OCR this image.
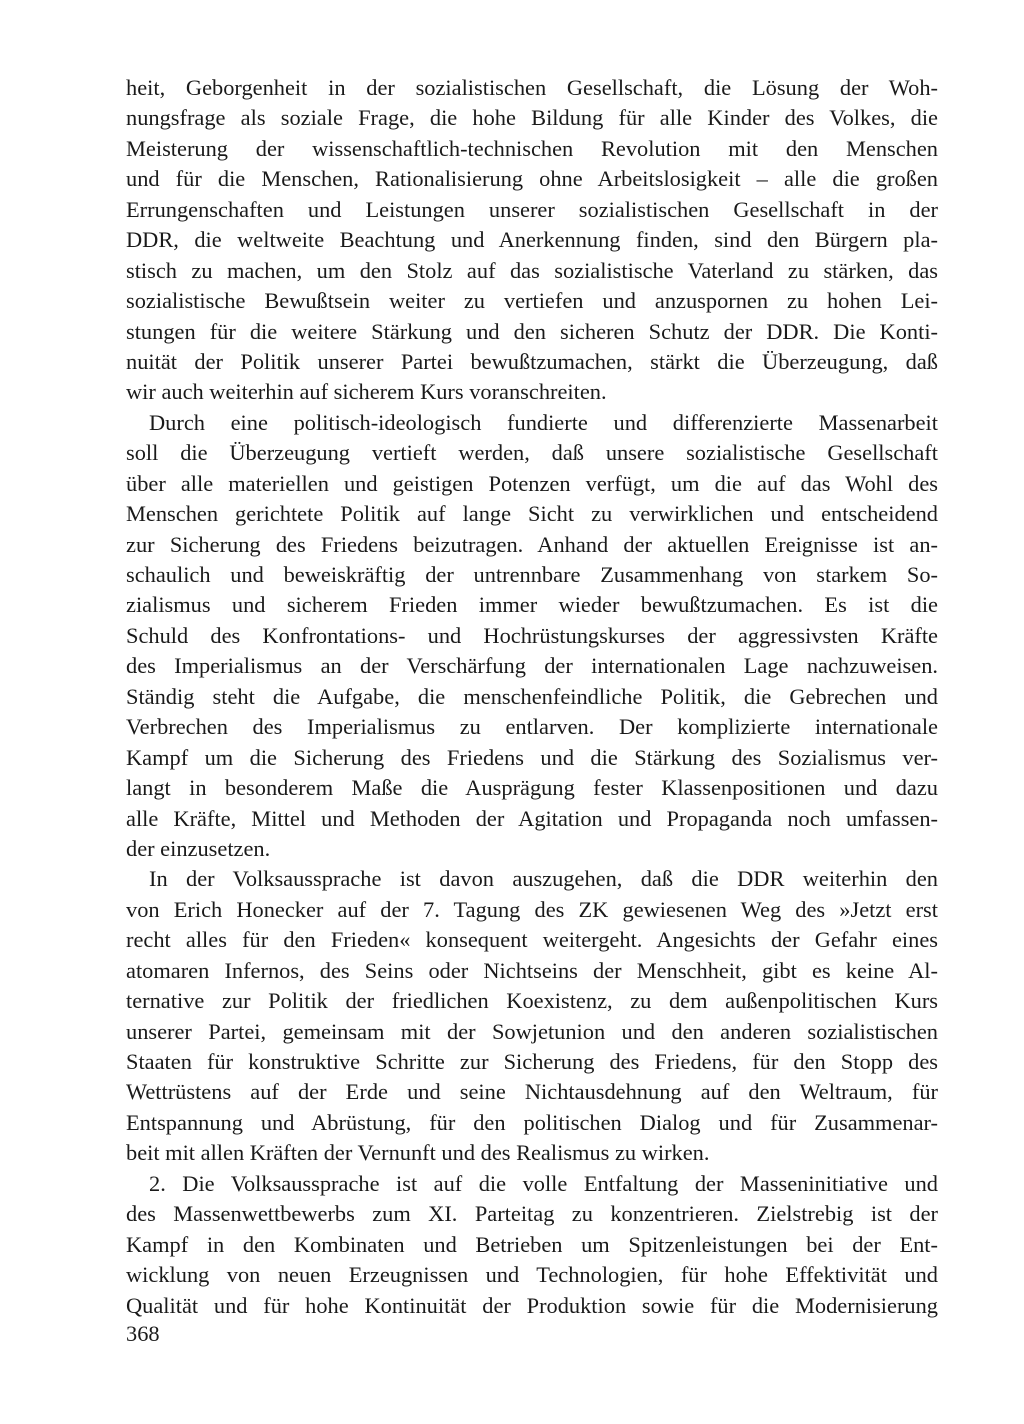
heit, Geborgenheit in der sozialistischen Gesellschaft, die Lösung der Woh-
nungsfrage als soziale Frage, die hohe Bildung für alle Kinder des Volkes, die
Meisterung der wissenschaftlich-technischen Revolution mit den Menschen
und für die Menschen, Rationalisierung ohne Arbeitslosigkeit – alle die großen
Errungenschaften und Leistungen unserer sozialistischen Gesellschaft in der
DDR, die weltweite Beachtung und Anerkennung finden, sind den Bürgern pla-
stisch zu machen, um den Stolz auf das sozialistische Vaterland zu stärken, das
sozialistische Bewußtsein weiter zu vertiefen und anzuspornen zu hohen Lei-
stungen für die weitere Stärkung und den sicheren Schutz der DDR. Die Konti-
nuität der Politik unserer Partei bewußtzumachen, stärkt die Überzeugung, daß
wir auch weiterhin auf sicherem Kurs voranschreiten.
Durch eine politisch-ideologisch fundierte und differenzierte Massenarbeit
soll die Überzeugung vertieft werden, daß unsere sozialistische Gesellschaft
über alle materiellen und geistigen Potenzen verfügt, um die auf das Wohl des
Menschen gerichtete Politik auf lange Sicht zu verwirklichen und entscheidend
zur Sicherung des Friedens beizutragen. Anhand der aktuellen Ereignisse ist an-
schaulich und beweiskräftig der untrennbare Zusammenhang von starkem So-
zialismus und sicherem Frieden immer wieder bewußtzumachen. Es ist die
Schuld des Konfrontations- und Hochrüstungskurses der aggressivsten Kräfte
des Imperialismus an der Verschärfung der internationalen Lage nachzuweisen.
Ständig steht die Aufgabe, die menschenfeindliche Politik, die Gebrechen und
Verbrechen des Imperialismus zu entlarven. Der komplizierte internationale
Kampf um die Sicherung des Friedens und die Stärkung des Sozialismus ver-
langt in besonderem Maße die Ausprägung fester Klassenpositionen und dazu
alle Kräfte, Mittel und Methoden der Agitation und Propaganda noch umfassen-
der einzusetzen.
In der Volksaussprache ist davon auszugehen, daß die DDR weiterhin den
von Erich Honecker auf der 7. Tagung des ZK gewiesenen Weg des »Jetzt erst
recht alles für den Frieden« konsequent weitergeht. Angesichts der Gefahr eines
atomaren Infernos, des Seins oder Nichtseins der Menschheit, gibt es keine Al-
ternative zur Politik der friedlichen Koexistenz, zu dem außenpolitischen Kurs
unserer Partei, gemeinsam mit der Sowjetunion und den anderen sozialistischen
Staaten für konstruktive Schritte zur Sicherung des Friedens, für den Stopp des
Wettrüstens auf der Erde und seine Nichtausdehnung auf den Weltraum, für
Entspannung und Abrüstung, für den politischen Dialog und für Zusammenar-
beit mit allen Kräften der Vernunft und des Realismus zu wirken.
2. Die Volksaussprache ist auf die volle Entfaltung der Masseninitiative und
des Massenwettbewerbs zum XI. Parteitag zu konzentrieren. Zielstrebig ist der
Kampf in den Kombinaten und Betrieben um Spitzenleistungen bei der Ent-
wicklung von neuen Erzeugnissen und Technologien, für hohe Effektivität und
Qualität und für hohe Kontinuität der Produktion sowie für die Modernisierung
368
